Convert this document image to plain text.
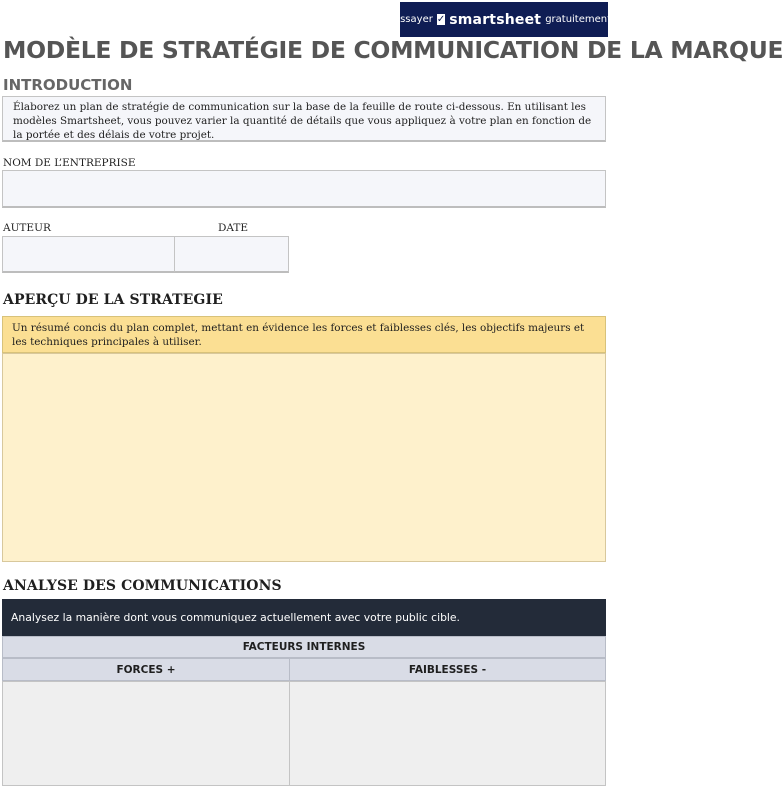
Essayer ✓ smartsheet gratuitement.
MODÈLE DE STRATÉGIE DE COMMUNICATION DE LA MARQUE
INTRODUCTION
Élaborez un plan de stratégie de communication sur la base de la feuille de route ci-dessous. En utilisant les modèles Smartsheet, vous pouvez varier la quantité de détails que vous appliquez à votre plan en fonction de la portée et des délais de votre projet.

NOM DE L’ENTREPRISE

AUTEUR	DATE

APERÇU DE LA STRATEGIE
Un résumé concis du plan complet, mettant en évidence les forces et faiblesses clés, les objectifs majeurs et les techniques principales à utiliser.
ANALYSE DES COMMUNICATIONS
Analysez la manière dont vous communiquez actuellement avec votre public cible.
FACTEURS INTERNES
FORCES +	FAIBLESSES -
